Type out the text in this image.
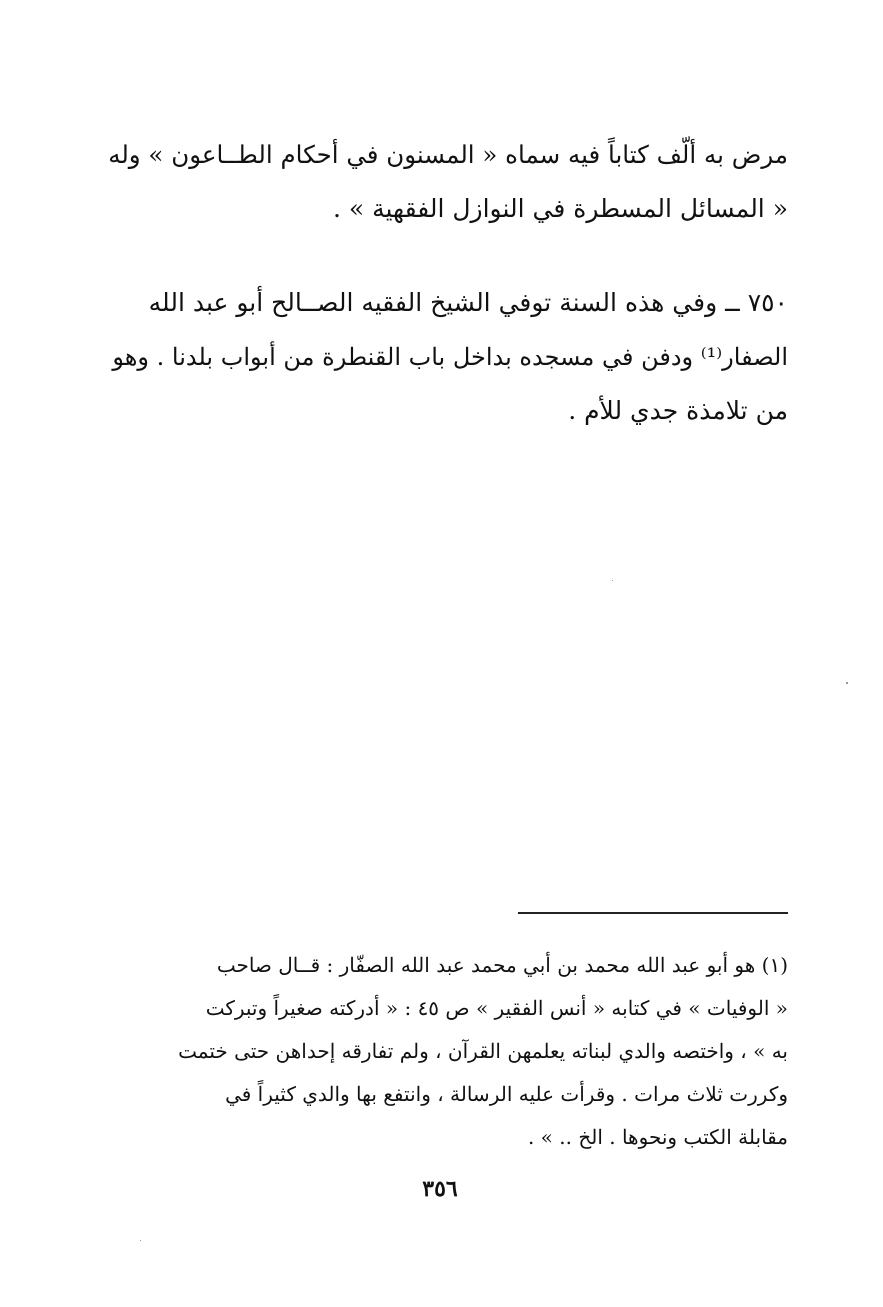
مرض به ألّف كتاباً فيه سماه « المسنون في أحكام الطــاعون » وله
« المسائل المسطرة في النوازل الفقهية » .

٧٥٠ ــ وفي هذه السنة توفي الشيخ الفقيه الصــالح أبو عبد الله
الصفار⁽¹⁾ ودفن في مسجده بداخل باب القنطرة من أبواب بلدنا . وهو
من تلامذة جدي للأم .

(١) هو أبو عبد الله محمد بن أبي محمد عبد الله الصفّار : قــال صاحب
« الوفيات » في كتابه « أنس الفقير » ص ٤٥ : « أدركته صغيراً وتبركت
به » ، واختصه والدي لبناته يعلمهن القرآن ، ولم تفارقه إحداهن حتى ختمت
وكررت ثلاث مرات . وقرأت عليه الرسالة ، وانتفع بها والدي كثيراً في
مقابلة الكتب ونحوها . الخ .. » .

٣٥٦
